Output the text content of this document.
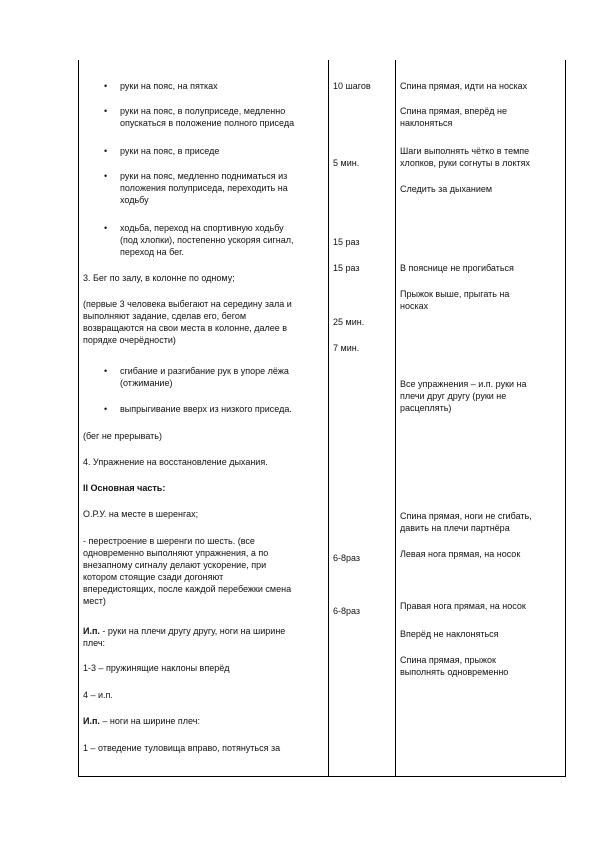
• руки на пояс, на пятках

• руки на пояс, в полуприседе, медленно
опускаться в положение полного приседа

• руки на пояс, в приседе

• руки на пояс, медленно подниматься из
положения полуприседа, переходить на
ходьбу

• ходьба, переход на спортивную ходьбу
(под хлопки), постепенно ускоряя сигнал,
переход на бег.

3. Бег по залу, в колонне по одному;

(первые 3 человека выбегают на середину зала и
выполняют задание, сделав его, бегом
возвращаются на свои места в колонне, далее в
порядке очерёдности)

• сгибание и разгибание рук в упоре лёжа
(отжимание)

• выпрыгивание вверх из низкого приседа.

(бег не прерывать)

4. Упражнение на восстановление дыхания.

II Основная часть:

О.Р.У. на месте в шеренгах;

- перестроение в шеренги по шесть. (все
одновременно выполняют упражнения, а по
внезапному сигналу делают ускорение, при
котором стоящие сзади догоняют
впередистоящих, после каждой перебежки смена
мест)

И.п. - руки на плечи другу другу, ноги на ширине
плеч:

1-3 – пружинящие наклоны вперёд

4 – и.п.

И.п. – ноги на ширине плеч:

1 – отведение туловища вправо, потянуться за

10 шагов

5 мин.

15 раз

15 раз

25 мин.

7 мин.

6-8раз

6-8раз

Спина прямая, идти на носках

Спина прямая, вперёд не
наклоняться

Шаги выполнять чётко в темпе
хлопков, руки согнуты в локтях

Следить за дыханием

В пояснице не прогибаться

Прыжок выше, прыгать на
носках

Все упражнения – и.п. руки на
плечи друг другу (руки не
расцеплять)

Спина прямая, ноги не сгибать,
давить на плечи партнёра

Левая нога прямая, на носок

Правая нога прямая, на носок

Вперёд не наклоняться

Спина прямая, прыжок
выполнять одновременно
